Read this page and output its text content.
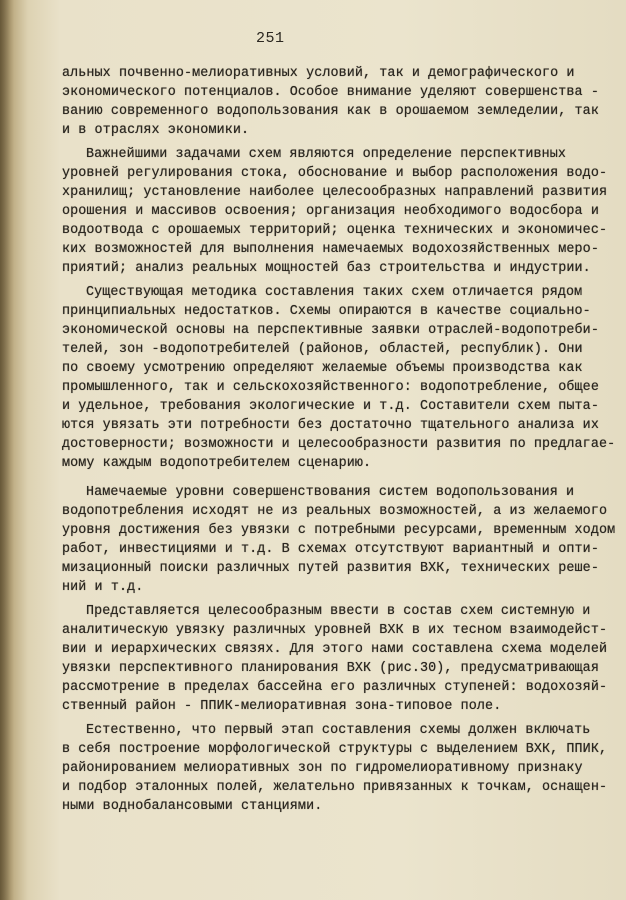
251
альных почвенно-мелиоративных условий, так и демографического и
экономического потенциалов. Особое внимание уделяют совершенства -
ванию современного водопользования как в орошаемом земледелии, так
и в отраслях экономики.
Важнейшими задачами схем являются определение перспективных
уровней регулирования стока, обоснование и выбор расположения водо-
хранилищ; установление наиболее целесообразных направлений развития
орошения и массивов освоения; организация необходимого водосбора и
водоотвода с орошаемых территорий; оценка технических и экономичес-
ких возможностей для выполнения намечаемых водохозяйственных меро-
приятий; анализ реальных мощностей баз строительства и индустрии.
Существующая методика составления таких схем отличается рядом
принципиальных недостатков. Схемы опираются в качестве социально-
экономической основы на перспективные заявки отраслей-водопотреби-
телей, зон -водопотребителей (районов, областей, республик). Они
по своему усмотрению определяют желаемые объемы производства как
промышленного, так и сельскохозяйственного: водопотребление, общее
и удельное, требования экологические и т.д. Составители схем пыта-
ются увязать эти потребности без достаточно тщательного анализа их
достоверности; возможности и целесообразности развития по предлагае-
мому каждым водопотребителем сценарию.
Намечаемые уровни совершенствования систем водопользования и
водопотребления исходят не из реальных возможностей, а из желаемого
уровня достижения без увязки с потребными ресурсами, временным ходом
работ, инвестициями и т.д. В схемах отсутствуют вариантный и опти-
мизационный поиски различных путей развития ВХК, технических реше-
ний и т.д.
Представляется целесообразным ввести в состав схем системную и
аналитическую увязку различных уровней ВХК в их тесном взаимодейст-
вии и иерархических связях. Для этого нами составлена схема моделей
увязки перспективного планирования ВХК (рис.30), предусматривающая
рассмотрение в пределах бассейна его различных ступеней: водохозяй-
ственный район - ППИК-мелиоративная зона-типовое поле.
Естественно, что первый этап составления схемы должен включать
в себя построение морфологической структуры с выделением ВХК, ППИК,
районированием мелиоративных зон по гидромелиоративному признаку
и подбор эталонных полей, желательно привязанных к точкам, оснащен-
ными воднобалансовыми станциями.
